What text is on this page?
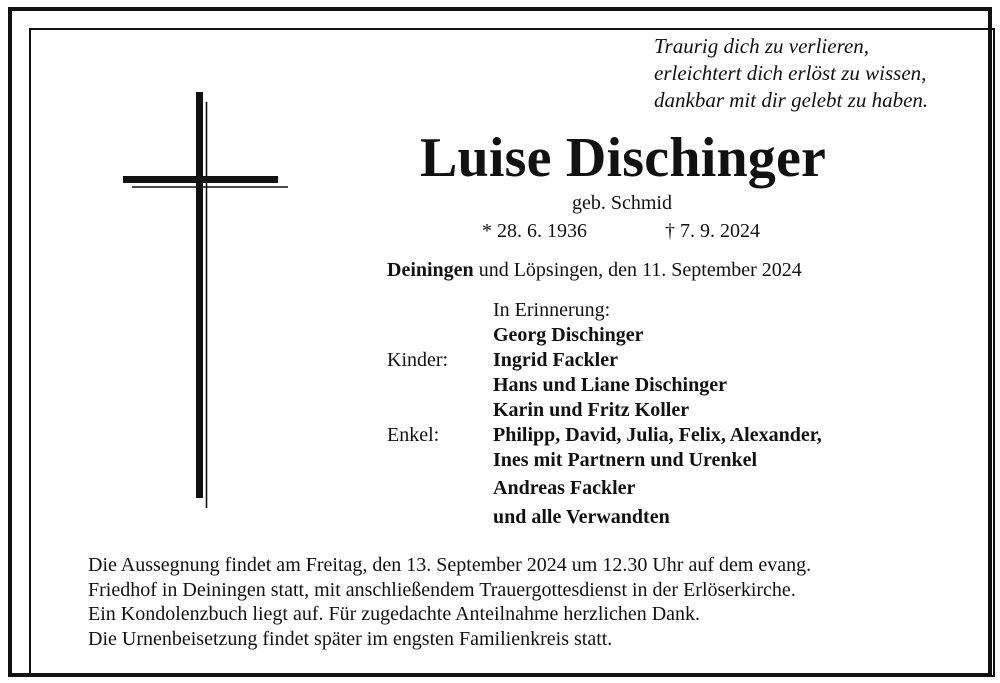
Traurig dich zu verlieren,
erleichtert dich erlöst zu wissen,
dankbar mit dir gelebt zu haben.
Luise Dischinger
geb. Schmid
* 28. 6. 1936	† 7. 9. 2024
Deiningen und Löpsingen, den 11. September 2024
In Erinnerung:
Georg Dischinger
Kinder: Ingrid Fackler
Hans und Liane Dischinger
Karin und Fritz Koller
Enkel:	Philipp, David, Julia, Felix, Alexander,
Ines mit Partnern und Urenkel
Andreas Fackler
und alle Verwandten
Die Aussegnung findet am Freitag, den 13. September 2024 um 12.30 Uhr auf dem evang.
Friedhof in Deiningen statt, mit anschließendem Trauergottesdienst in der Erlöserkirche.
Ein Kondolenzbuch liegt auf. Für zugedachte Anteilnahme herzlichen Dank.
Die Urnenbeisetzung findet später im engsten Familienkreis statt.
